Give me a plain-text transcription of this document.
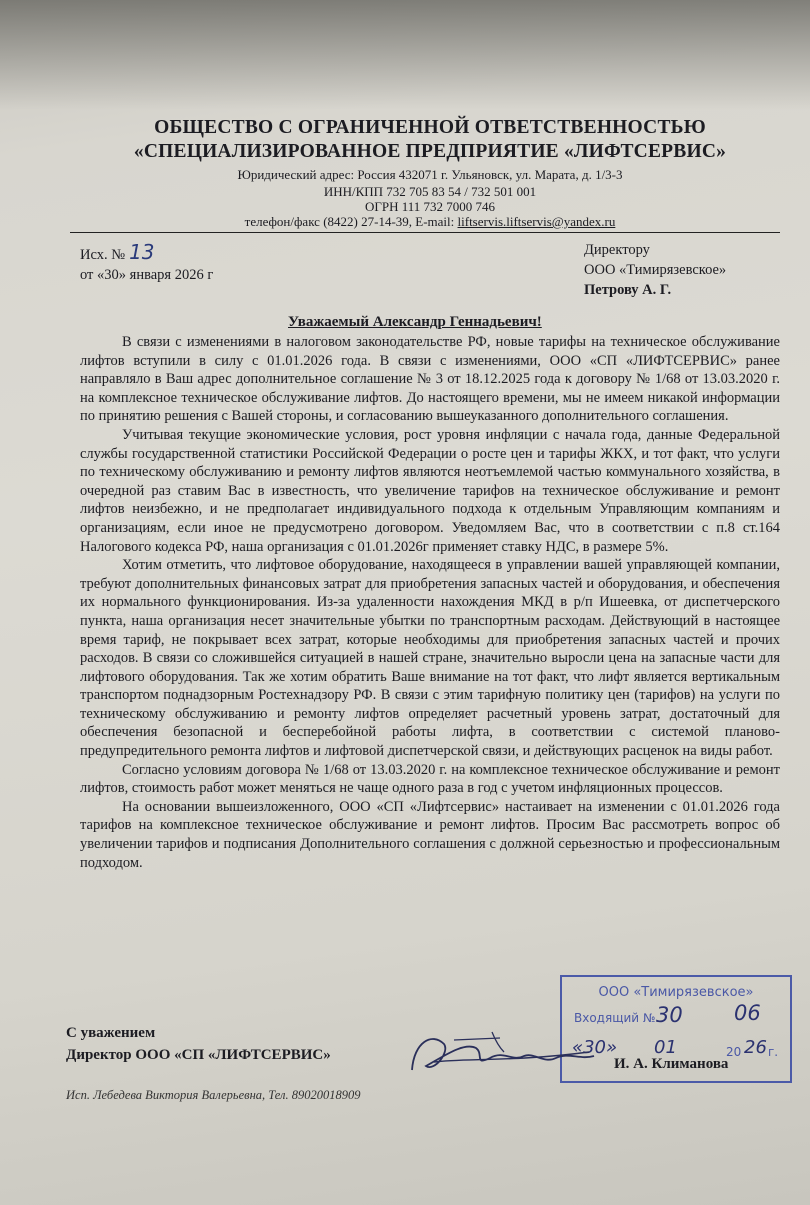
ОБЩЕСТВО С ОГРАНИЧЕННОЙ ОТВЕТСТВЕННОСТЬЮ
«СПЕЦИАЛИЗИРОВАННОЕ ПРЕДПРИЯТИЕ «ЛИФТСЕРВИС»
Юридический адрес: Россия 432071 г. Ульяновск, ул. Марата, д. 1/3-3
ИНН/КПП 732 705 83 54 / 732 501 001
ОГРН 111 732 7000 746
телефон/факс (8422) 27-14-39, E-mail: liftservis.liftservis@yandex.ru
Исх. № 13
от «30» января 2026 г
Директору
ООО «Тимирязевское»
Петрову А. Г.
Уважаемый Александр Геннадьевич!

В связи с изменениями в налоговом законодательстве РФ, новые тарифы на техническое обслуживание лифтов вступили в силу с 01.01.2026 года. В связи с изменениями, ООО «СП «ЛИФТСЕРВИС» ранее направляло в Ваш адрес дополнительное соглашение № 3 от 18.12.2025 года к договору № 1/68 от 13.03.2020 г. на комплексное техническое обслуживание лифтов. До настоящего времени, мы не имеем никакой информации по принятию решения с Вашей стороны, и согласованию вышеуказанного дополнительного соглашения.

Учитывая текущие экономические условия, рост уровня инфляции с начала года, данные Федеральной службы государственной статистики Российской Федерации о росте цен и тарифы ЖКХ, и тот факт, что услуги по техническому обслуживанию и ремонту лифтов являются неотъемлемой частью коммунального хозяйства, в очередной раз ставим Вас в известность, что увеличение тарифов на техническое обслуживание и ремонт лифтов неизбежно, и не предполагает индивидуального подхода к отдельным Управляющим компаниям и организациям, если иное не предусмотрено договором. Уведомляем Вас, что в соответствии с п.8 ст.164 Налогового кодекса РФ, наша организация с 01.01.2026г применяет ставку НДС, в размере 5%.

Хотим отметить, что лифтовое оборудование, находящееся в управлении вашей управляющей компании, требуют дополнительных финансовых затрат для приобретения запасных частей и оборудования, и обеспечения их нормального функционирования. Из-за удаленности нахождения МКД в р/п Ишеевка, от диспетчерского пункта, наша организация несет значительные убытки по транспортным расходам. Действующий в настоящее время тариф, не покрывает всех затрат, которые необходимы для приобретения запасных частей и прочих расходов. В связи со сложившейся ситуацией в нашей стране, значительно выросли цена на запасные части для лифтового оборудования. Так же хотим обратить Ваше внимание на тот факт, что лифт является вертикальным транспортом поднадзорным Ростехнадзору РФ. В связи с этим тарифную политику цен (тарифов) на услуги по техническому обслуживанию и ремонту лифтов определяет расчетный уровень затрат, достаточный для обеспечения безопасной и бесперебойной работы лифта, в соответствии с системой планово-предупредительного ремонта лифтов и лифтовой диспетчерской связи, и действующих расценок на виды работ.

Согласно условиям договора № 1/68 от 13.03.2020 г. на комплексное техническое обслуживание и ремонт лифтов, стоимость работ может меняться не чаще одного раза в год с учетом инфляционных процессов.

На основании вышеизложенного, ООО «СП «Лифтсервис» настаивает на изменении с 01.01.2026 года тарифов на комплексное техническое обслуживание и ремонт лифтов. Просим Вас рассмотреть вопрос об увеличении тарифов и подписания Дополнительного соглашения с должной серьезностью и профессиональным подходом.

ООО «Тимирязевское»
Входящий № 30 06
«30» 01	20 26 г.
С уважением
Директор ООО «СП «ЛИФТСЕРВИС»
И. А. Климанова
Исп. Лебедева Виктория Валерьевна, Тел. 89020018909
